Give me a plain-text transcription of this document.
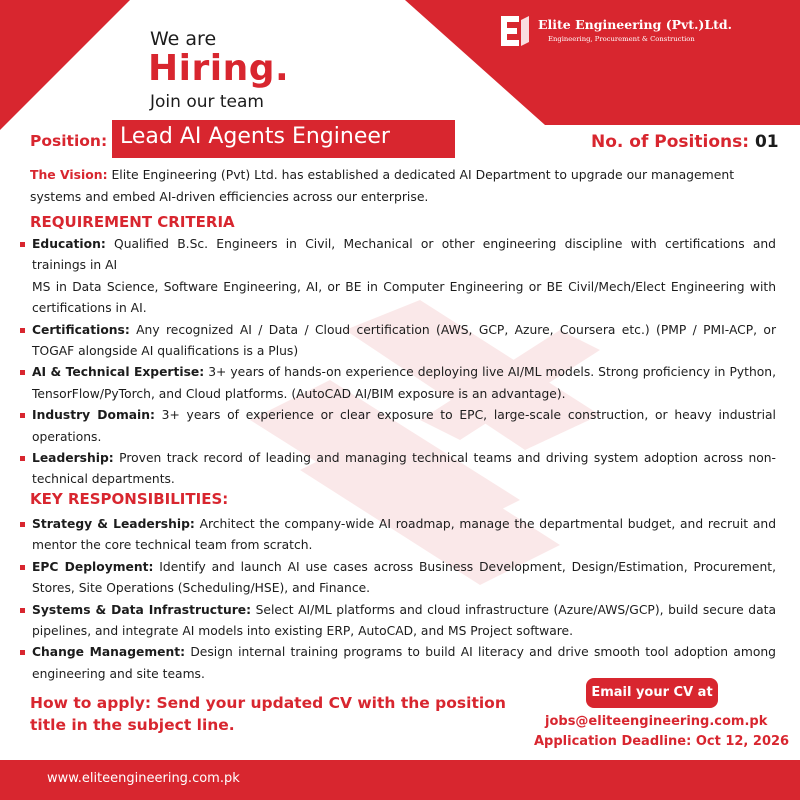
Elite Engineering (Pvt.)Ltd.
Engineering, Procurement & Construction
We are
Hiring.
Join our team
Position: Lead AI Agents Engineer	No. of Positions: 01
The Vision: Elite Engineering (Pvt) Ltd. has established a dedicated AI Department to upgrade our management systems and embed AI-driven efficiencies across our enterprise.
REQUIREMENT CRITERIA
Education: Qualified B.Sc. Engineers in Civil, Mechanical or other engineering discipline with certifications and trainings in AI
MS in Data Science, Software Engineering, AI, or BE in Computer Engineering or BE Civil/Mech/Elect Engineering with certifications in AI.
Certifications: Any recognized AI / Data / Cloud certification (AWS, GCP, Azure, Coursera etc.) (PMP / PMI-ACP, or TOGAF alongside AI qualifications is a Plus)
AI & Technical Expertise: 3+ years of hands-on experience deploying live AI/ML models. Strong proficiency in Python, TensorFlow/PyTorch, and Cloud platforms. (AutoCAD AI/BIM exposure is an advantage).
Industry Domain: 3+ years of experience or clear exposure to EPC, large-scale construction, or heavy industrial operations.
Leadership: Proven track record of leading and managing technical teams and driving system adoption across non-technical departments.
KEY RESPONSIBILITIES:
Strategy & Leadership: Architect the company-wide AI roadmap, manage the departmental budget, and recruit and mentor the core technical team from scratch.
EPC Deployment: Identify and launch AI use cases across Business Development, Design/Estimation, Procurement, Stores, Site Operations (Scheduling/HSE), and Finance.
Systems & Data Infrastructure: Select AI/ML platforms and cloud infrastructure (Azure/AWS/GCP), build secure data pipelines, and integrate AI models into existing ERP, AutoCAD, and MS Project software.
Change Management: Design internal training programs to build AI literacy and drive smooth tool adoption among engineering and site teams.
How to apply: Send your updated CV with the position title in the subject line.
Email your CV at
jobs@eliteengineering.com.pk
Application Deadline: Oct 12, 2026
www.eliteengineering.com.pk
